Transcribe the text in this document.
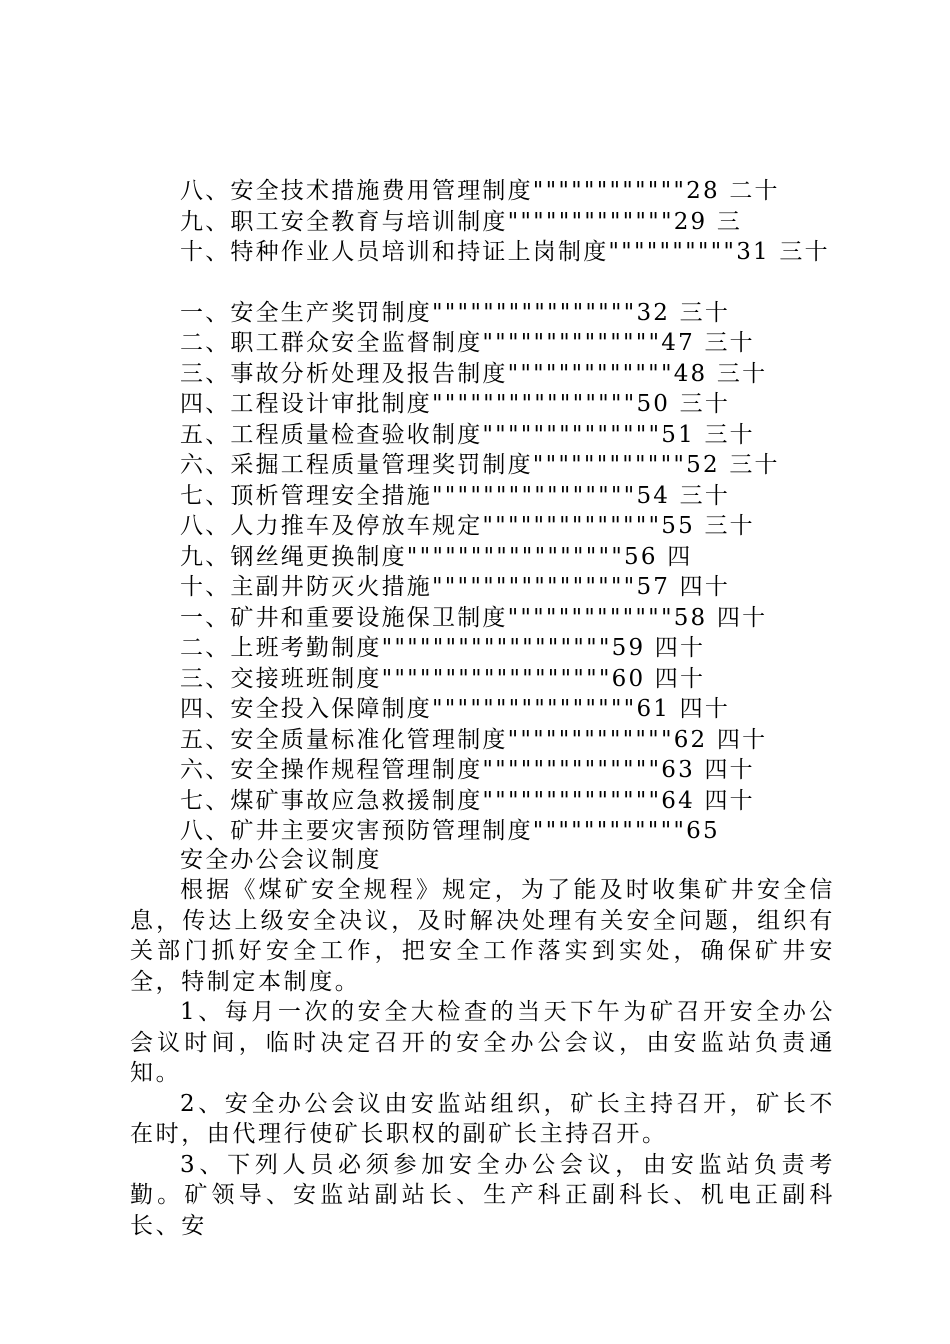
八、安全技术措施费用管理制度""""""""""""28 二十
九、职工安全教育与培训制度"""""""""""""29 三
十、特种作业人员培训和持证上岗制度""""""""""31 三十
一、安全生产奖罚制度""""""""""""""""32 三十
二、职工群众安全监督制度""""""""""""""47 三十
三、事故分析处理及报告制度"""""""""""""48 三十
四、工程设计审批制度""""""""""""""""50 三十
五、工程质量检查验收制度""""""""""""""51 三十
六、采掘工程质量管理奖罚制度""""""""""""52 三十
七、顶析管理安全措施""""""""""""""""54 三十
八、人力推车及停放车规定""""""""""""""55 三十
九、钢丝绳更换制度"""""""""""""""""56 四
十、主副井防灭火措施""""""""""""""""57 四十
一、矿井和重要设施保卫制度"""""""""""""58 四十
二、上班考勤制度""""""""""""""""""59 四十
三、交接班班制度""""""""""""""""""60 四十
四、安全投入保障制度""""""""""""""""61 四十
五、安全质量标准化管理制度"""""""""""""62 四十
六、安全操作规程管理制度""""""""""""""63 四十
七、煤矿事故应急救援制度""""""""""""""64 四十
八、矿井主要灾害预防管理制度""""""""""""65
安全办公会议制度

根据《煤矿安全规程》规定，为了能及时收集矿井安全信息，传达上级安全决议，及时解决处理有关安全问题，组织有关部门抓好安全工作，把安全工作落实到实处，确保矿井安全，特制定本制度。

1、每月一次的安全大检查的当天下午为矿召开安全办公会议时间，临时决定召开的安全办公会议，由安监站负责通知。

2、安全办公会议由安监站组织，矿长主持召开，矿长不在时，由代理行使矿长职权的副矿长主持召开。

3、下列人员必须参加安全办公会议，由安监站负责考勤。矿领导、安监站副站长、生产科正副科长、机电正副科长、安
